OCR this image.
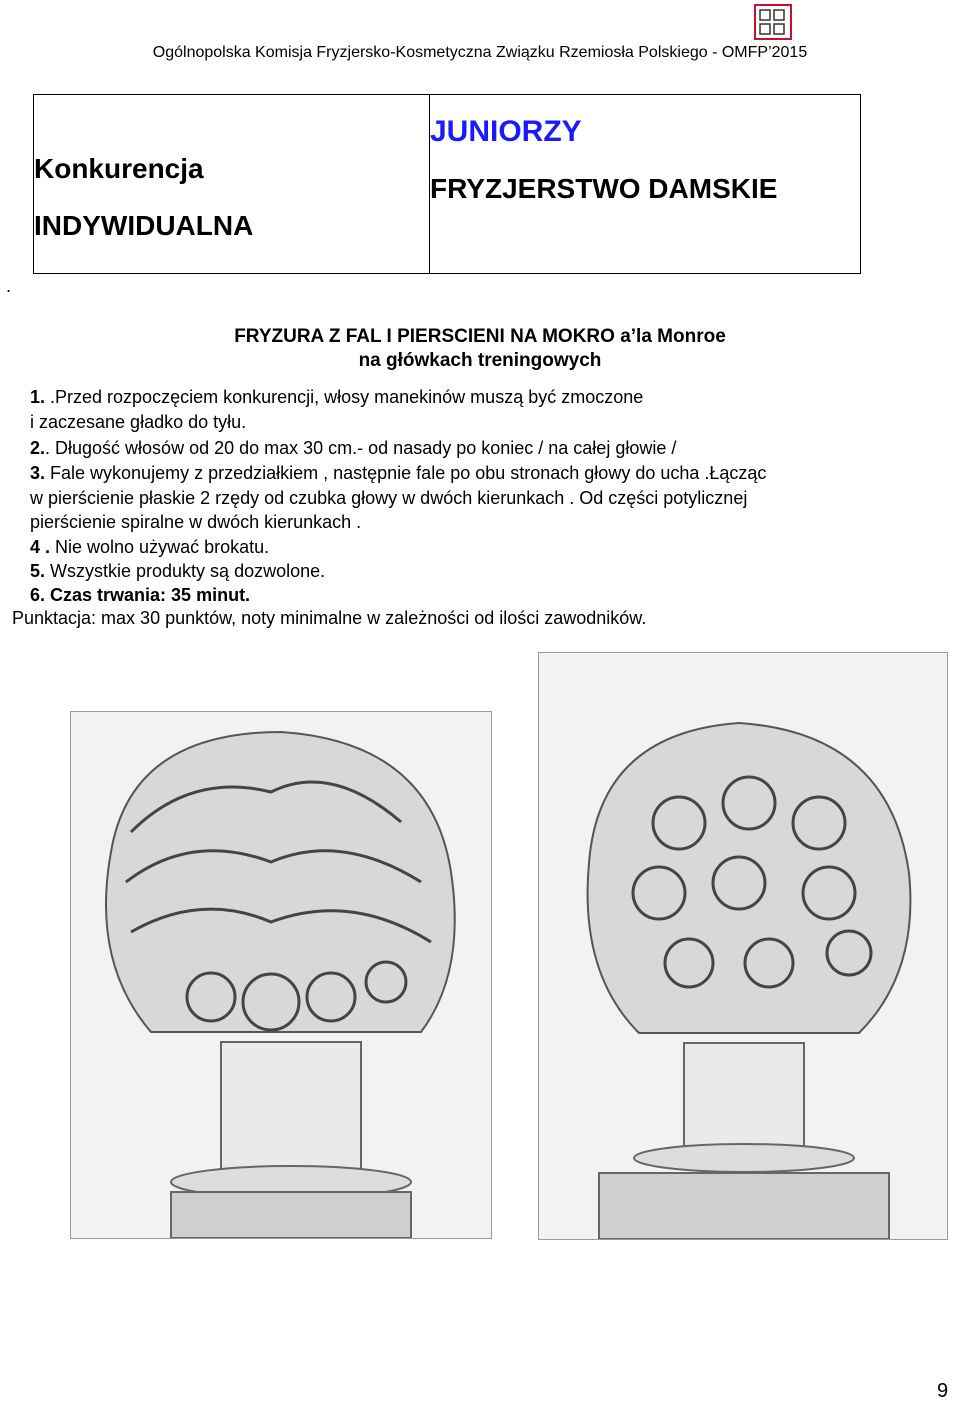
Ogólnopolska Komisja Fryzjersko-Kosmetyczna Związku Rzemiosła Polskiego - OMFP’2015
Konkurencja
INDYWIDUALNA
JUNIORZY
FRYZJERSTWO DAMSKIE
.
FRYZURA Z FAL I PIERSCIENI NA MOKRO a’la Monroe
na główkach treningowych
1. .Przed rozpoczęciem konkurencji, włosy manekinów muszą być zmoczone
i zaczesane gładko do tyłu.
2.. Długość włosów od 20 do max 30 cm.- od nasady po koniec / na całej głowie /
3. Fale wykonujemy z przedziałkiem , następnie fale po obu stronach głowy do ucha .Łącząc
w pierścienie płaskie 2 rzędy od czubka głowy w dwóch kierunkach . Od części potylicznej
pierścienie spiralne w dwóch kierunkach .
4 . Nie wolno używać brokatu.
5. Wszystkie produkty są dozwolone.
6. Czas trwania: 35 minut.
Punktacja: max 30 punktów, noty minimalne w zależności od ilości zawodników.
9
